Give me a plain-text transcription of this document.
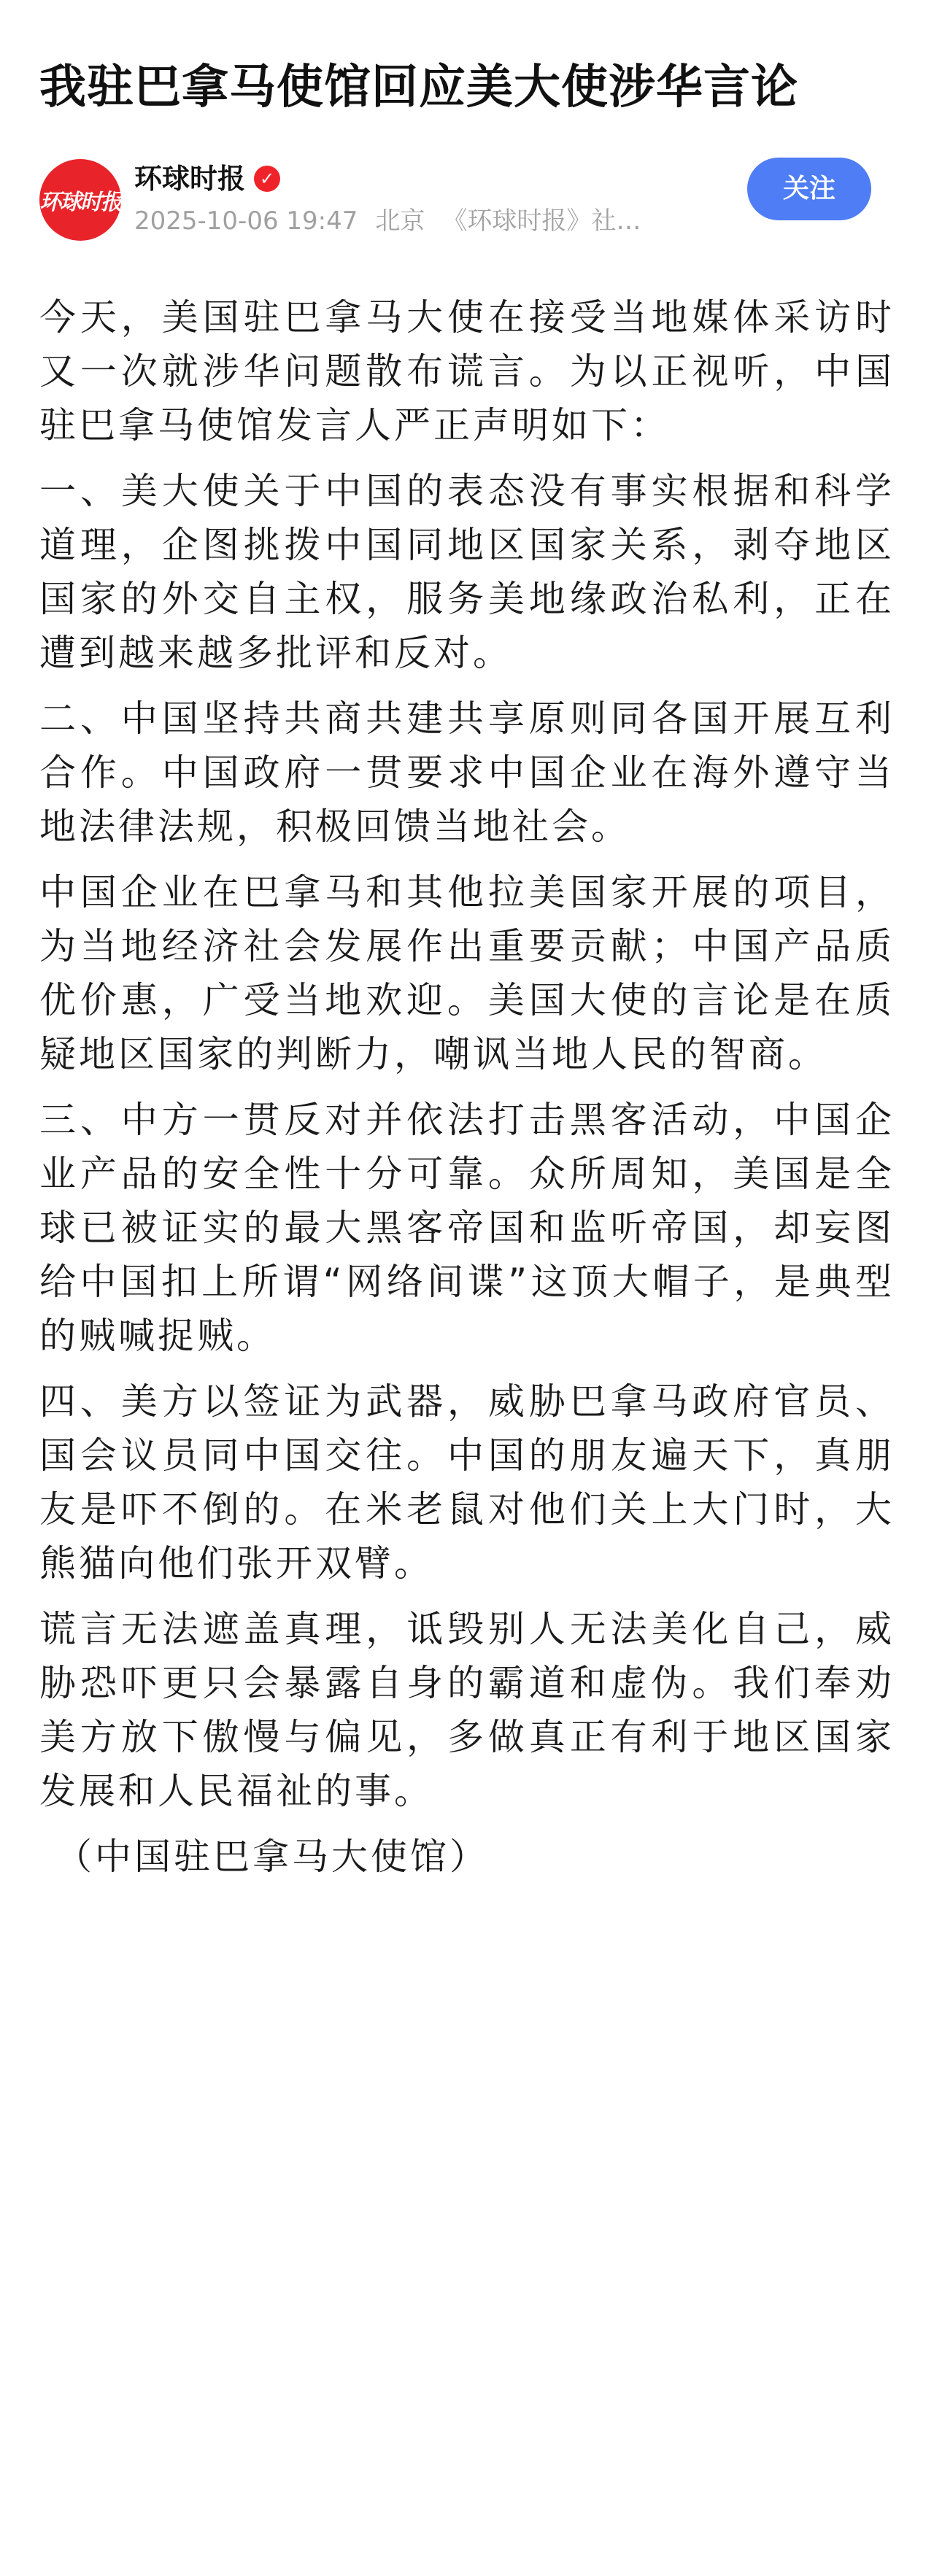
我驻巴拿马使馆回应美大使涉华言论
环球时报
环球时报 ✓
2025-10-06 19:47 北京 《环球时报》社…
关注

今天，美国驻巴拿马大使在接受当地媒体采访时又一次就涉华问题散布谎言。为以正视听，中国驻巴拿马使馆发言人严正声明如下：

一、美大使关于中国的表态没有事实根据和科学道理，企图挑拨中国同地区国家关系，剥夺地区国家的外交自主权，服务美地缘政治私利，正在遭到越来越多批评和反对。

二、中国坚持共商共建共享原则同各国开展互利合作。中国政府一贯要求中国企业在海外遵守当地法律法规，积极回馈当地社会。

中国企业在巴拿马和其他拉美国家开展的项目，为当地经济社会发展作出重要贡献；中国产品质优价惠，广受当地欢迎。美国大使的言论是在质疑地区国家的判断力，嘲讽当地人民的智商。

三、中方一贯反对并依法打击黑客活动，中国企业产品的安全性十分可靠。众所周知，美国是全球已被证实的最大黑客帝国和监听帝国，却妄图给中国扣上所谓“网络间谍”这顶大帽子，是典型的贼喊捉贼。

四、美方以签证为武器，威胁巴拿马政府官员、国会议员同中国交往。中国的朋友遍天下，真朋友是吓不倒的。在米老鼠对他们关上大门时，大熊猫向他们张开双臂。

谎言无法遮盖真理，诋毁别人无法美化自己，威胁恐吓更只会暴露自身的霸道和虚伪。我们奉劝美方放下傲慢与偏见，多做真正有利于地区国家发展和人民福祉的事。

（中国驻巴拿马大使馆）
